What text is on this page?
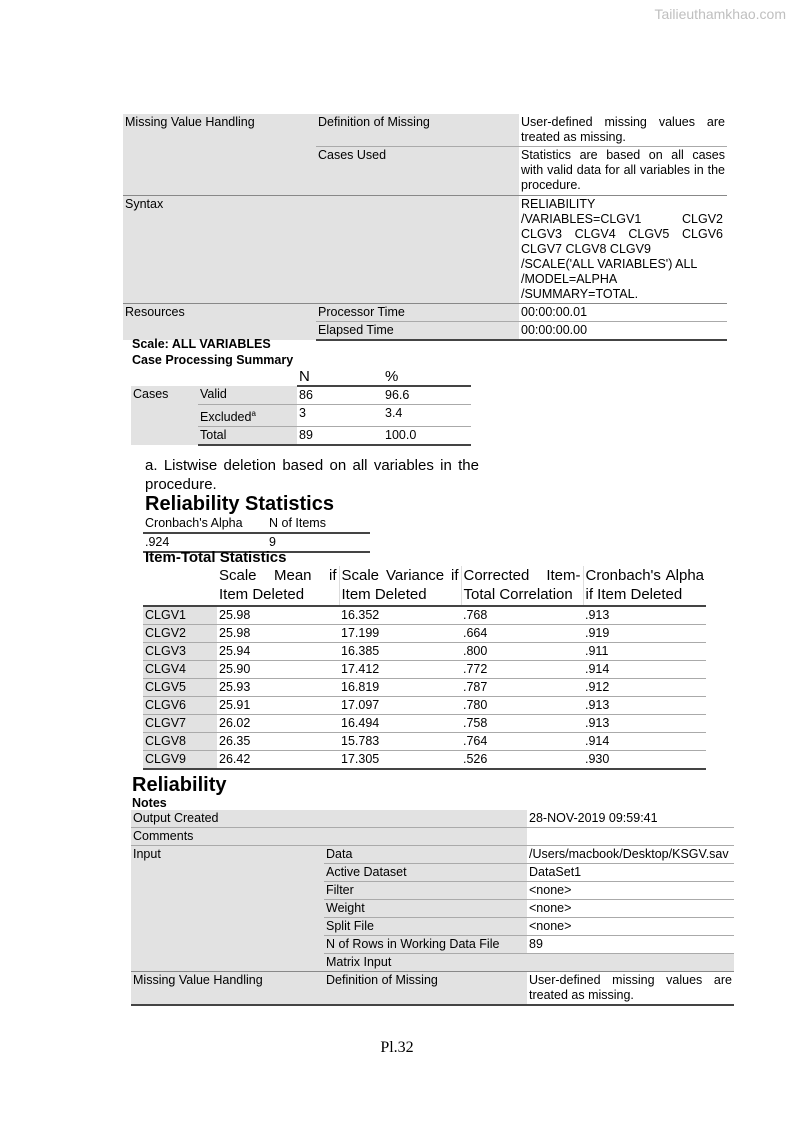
Tailieuthamkhao.com
Missing Value Handling	Definition of Missing	User-defined missing values are treated as missing.
	Cases Used	Statistics are based on all cases with valid data for all variables in the procedure.
Syntax		RELIABILITY
/VARIABLES=CLGV1 CLGV2 CLGV3 CLGV4 CLGV5 CLGV6 CLGV7 CLGV8 CLGV9
/SCALE('ALL VARIABLES') ALL
/MODEL=ALPHA
/SUMMARY=TOTAL.

Resources	Processor Time	00:00:00.01
	Elapsed Time	00:00:00.00
Scale: ALL VARIABLES
Case Processing Summary
		N	%
Cases	Valid	86	96.6
	Excluded$^a$	3	3.4
	Total	89	100.0
a. Listwise deletion based on all variables in the procedure.
Reliability Statistics
Cronbach's Alpha	N of Items
.924	9
Item-Total Statistics
	Scale Mean if Item Deleted	Scale Variance if Item Deleted	Corrected Item-Total Correlation	Cronbach's Alpha if Item Deleted
CLGV1	25.98	16.352	.768	.913
CLGV2	25.98	17.199	.664	.919
CLGV3	25.94	16.385	.800	.911
CLGV4	25.90	17.412	.772	.914
CLGV5	25.93	16.819	.787	.912
CLGV6	25.91	17.097	.780	.913
CLGV7	26.02	16.494	.758	.913
CLGV8	26.35	15.783	.764	.914
CLGV9	26.42	17.305	.526	.930
Reliability
Notes
Output Created		28-NOV-2019 09:59:41
Comments		
Input	Data	/Users/macbook/Desktop/KSGV.sav
	Active Dataset	DataSet1
	Filter	<none>
	Weight	<none>
	Split File	<none>
	N of Rows in Working Data File	89
	Matrix Input	
Missing Value Handling	Definition of Missing	User-defined missing values are treated as missing.
Pl.32
